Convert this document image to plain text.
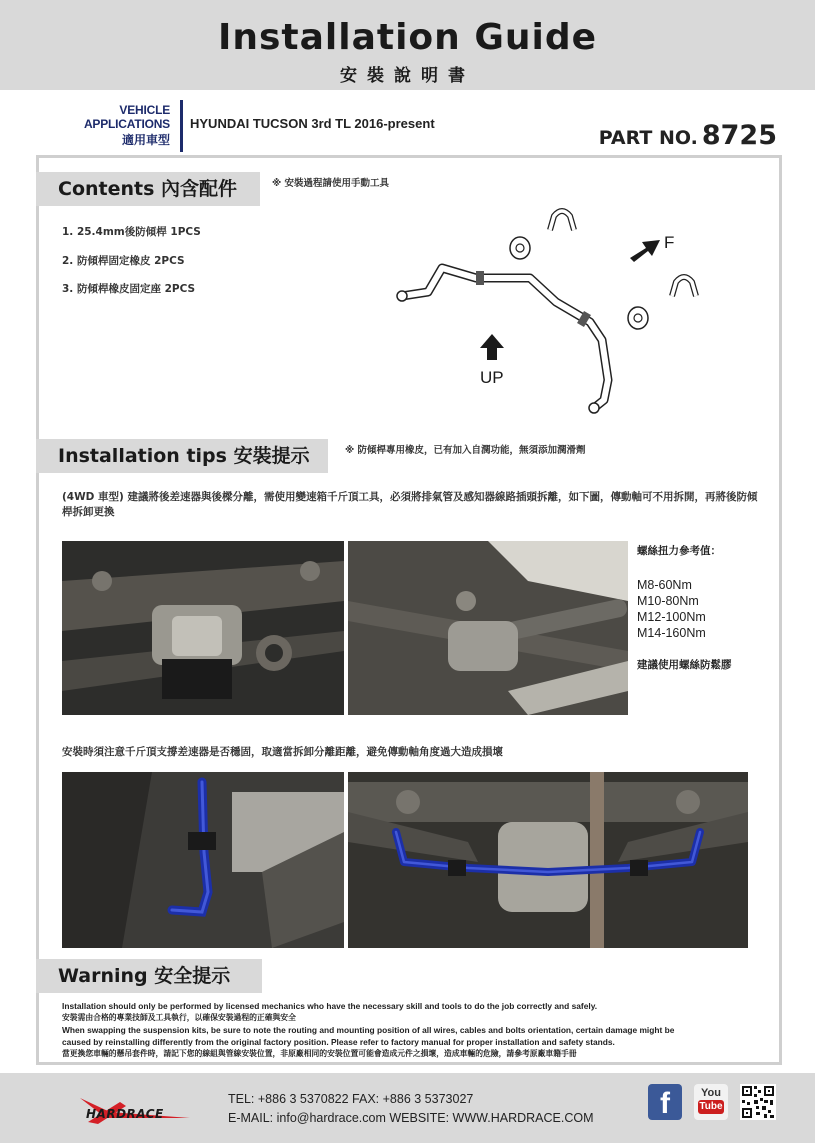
Installation Guide
安裝說明書
VEHICLE APPLICATIONS
適用車型
HYUNDAI TUCSON 3rd TL 2016-present
PART NO. 8725
Contents 內含配件	※ 安裝過程請使用手動工具
1. 25.4mm後防傾桿 1PCS
2. 防傾桿固定橡皮 2PCS
3. 防傾桿橡皮固定座 2PCS
F
UP
Installation tips 安裝提示	※ 防傾桿專用橡皮，已有加入自潤功能，無須添加潤滑劑
(4WD 車型) 建議將後差速器與後樑分離，需使用變速箱千斤頂工具，必須將排氣管及感知器線路插頭拆離，如下圖，傳動軸可不用拆開，再將後防傾桿拆卸更換
螺絲扭力參考值：
M8-60Nm
M10-80Nm
M12-100Nm
M14-160Nm
建議使用螺絲防鬆膠
安裝時須注意千斤頂支撐差速器是否穩固，取適當拆卸分離距離，避免傳動軸角度過大造成損壞
Warning 安全提示
Installation should only be performed by licensed mechanics who have the necessary skill and tools to do the job correctly and safely.
安裝需由合格的專業技師及工具執行，以確保安裝過程的正確與安全
When swapping the suspension kits, be sure to note the routing and mounting position of all wires, cables and bolts orientation, certain damage might be
caused by reinstalling differently from the original factory position. Please refer to factory manual for proper installation and safety stands.
當更換您車輛的懸吊套件時，請記下您的線組與管線安裝位置，非原廠相同的安裝位置可能會造成元件之損壞，造成車輛的危險，請參考原廠車籍手冊
HARDRACE
TEL: +886 3 5370822 FAX: +886 3 5373027
E-MAIL: info@hardrace.com WEBSITE: WWW.HARDRACE.COM	f	You
Tube
